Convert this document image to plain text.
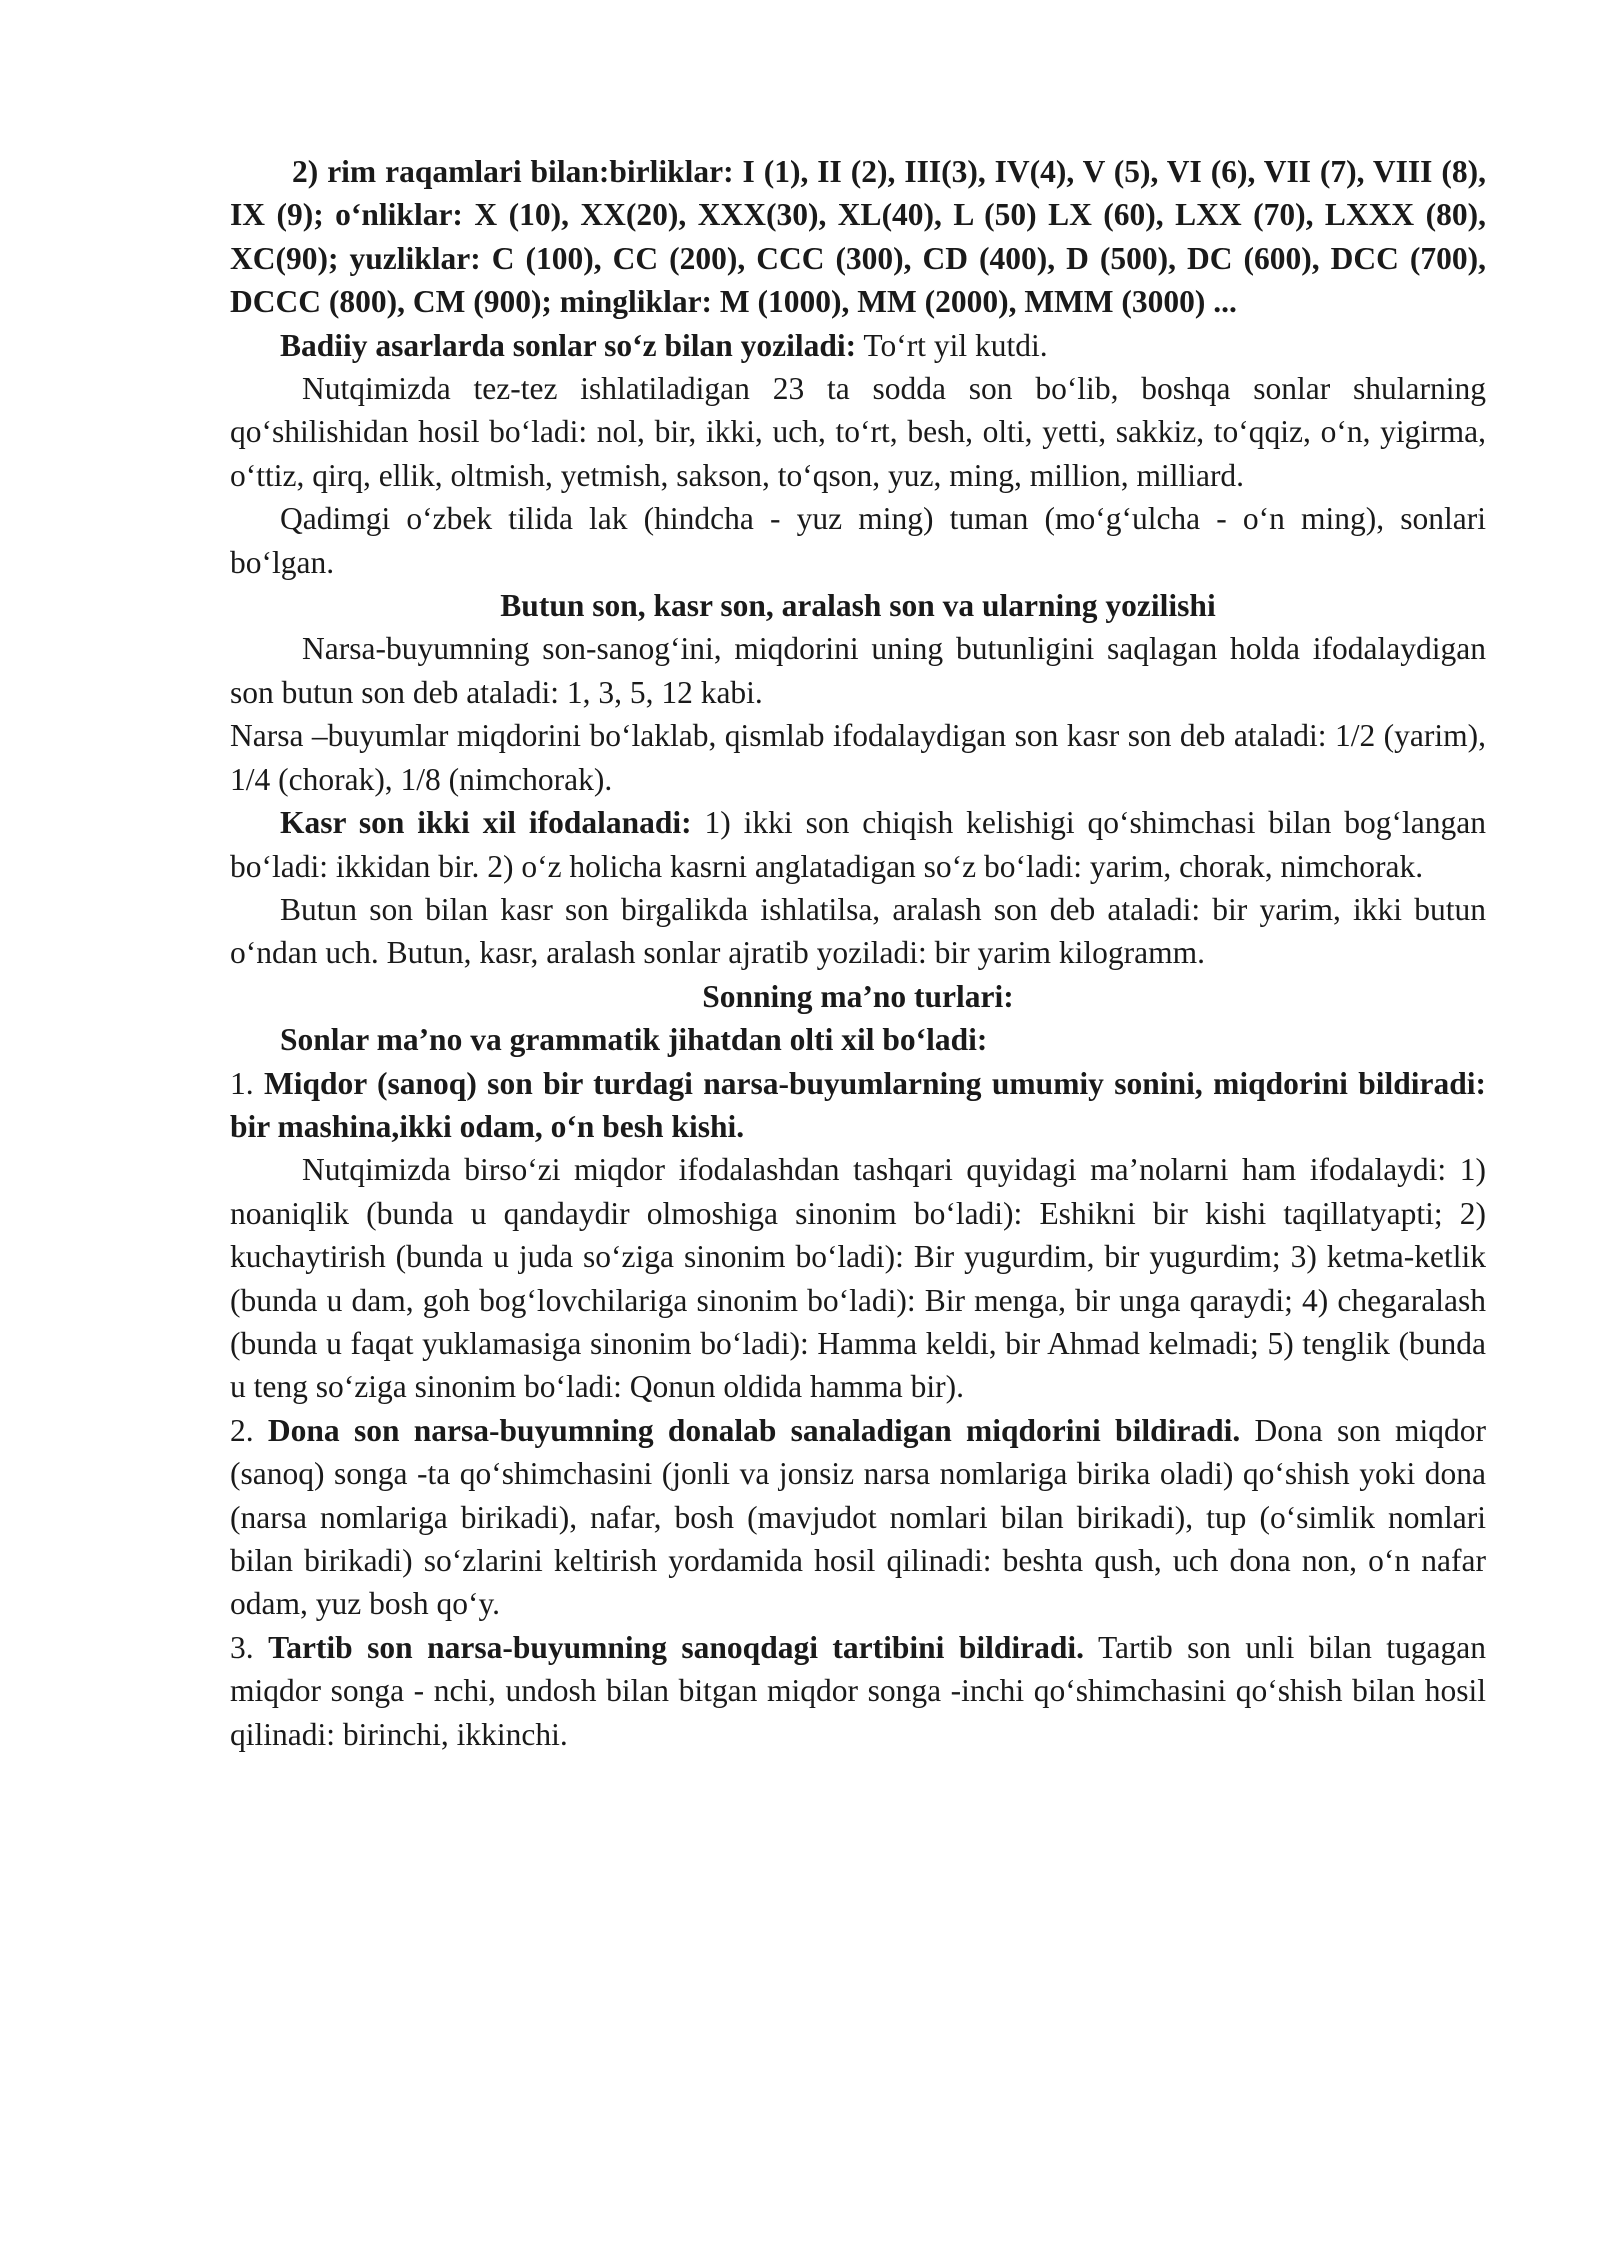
2) rim raqamlari bilan:birliklar: I (1), II (2), III(3), IV(4), V (5), VI (6), VII (7), VIII (8), IX (9); o‘nliklar: X (10), XX(20), XXX(30), XL(40), L (50) LX (60), LXX (70), LXXX (80), XC(90); yuzliklar: C (100), CC (200), CCC (300), CD (400), D (500), DC (600), DCC (700), DCCC (800), CM (900); mingliklar: M (1000), MM (2000), MMM (3000) ...

Badiiy asarlarda sonlar so‘z bilan yoziladi: To‘rt yil kutdi.

Nutqimizda tez-tez ishlatiladigan 23 ta sodda son bo‘lib, boshqa sonlar shularning qo‘shilishidan hosil bo‘ladi: nol, bir, ikki, uch, to‘rt, besh, olti, yetti, sakkiz, to‘qqiz, o‘n, yigirma, o‘ttiz, qirq, ellik, oltmish, yetmish, sakson, to‘qson, yuz, ming, million, milliard.

Qadimgi o‘zbek tilida lak (hindcha - yuz ming) tuman (mo‘g‘ulcha - o‘n ming), sonlari bo‘lgan.

Butun son, kasr son, aralash son va ularning yozilishi

Narsa-buyumning son-sanog‘ini, miqdorini uning butunligini saqlagan holda ifodalaydigan son butun son deb ataladi: 1, 3, 5, 12 kabi.

Narsa –buyumlar miqdorini bo‘laklab, qismlab ifodalaydigan son kasr son deb ataladi: 1/2 (yarim), 1/4 (chorak), 1/8 (nimchorak).

Kasr son ikki xil ifodalanadi: 1) ikki son chiqish kelishigi qo‘shimchasi bilan bog‘langan bo‘ladi: ikkidan bir. 2) o‘z holicha kasrni anglatadigan so‘z bo‘ladi: yarim, chorak, nimchorak.

Butun son bilan kasr son birgalikda ishlatilsa, aralash son deb ataladi: bir yarim, ikki butun o‘ndan uch. Butun, kasr, aralash sonlar ajratib yoziladi: bir yarim kilogramm.

Sonning ma’no turlari:

Sonlar ma’no va grammatik jihatdan olti xil bo‘ladi:

1. Miqdor (sanoq) son bir turdagi narsa-buyumlarning umumiy sonini, miqdorini bildiradi: bir mashina,ikki odam, o‘n besh kishi.

Nutqimizda birso‘zi miqdor ifodalashdan tashqari quyidagi ma’nolarni ham ifodalaydi: 1) noaniqlik (bunda u qandaydir olmoshiga sinonim bo‘ladi): Eshikni bir kishi taqillatyapti; 2) kuchaytirish (bunda u juda so‘ziga sinonim bo‘ladi): Bir yugurdim, bir yugurdim; 3) ketma-ketlik (bunda u dam, goh bog‘lovchilariga sinonim bo‘ladi): Bir menga, bir unga qaraydi; 4) chegaralash (bunda u faqat yuklamasiga sinonim bo‘ladi): Hamma keldi, bir Ahmad kelmadi; 5) tenglik (bunda u teng so‘ziga sinonim bo‘ladi: Qonun oldida hamma bir).

2. Dona son narsa-buyumning donalab sanaladigan miqdorini bildiradi. Dona son miqdor (sanoq) songa -ta qo‘shimchasini (jonli va jonsiz narsa nomlariga birika oladi) qo‘shish yoki dona (narsa nomlariga birikadi), nafar, bosh (mavjudot nomlari bilan birikadi), tup (o‘simlik nomlari bilan birikadi) so‘zlarini keltirish yordamida hosil qilinadi: beshta qush, uch dona non, o‘n nafar odam, yuz bosh qo‘y.

3. Tartib son narsa-buyumning sanoqdagi tartibini bildiradi. Tartib son unli bilan tugagan miqdor songa - nchi, undosh bilan bitgan miqdor songa -inchi qo‘shimchasini qo‘shish bilan hosil qilinadi: birinchi, ikkinchi.
